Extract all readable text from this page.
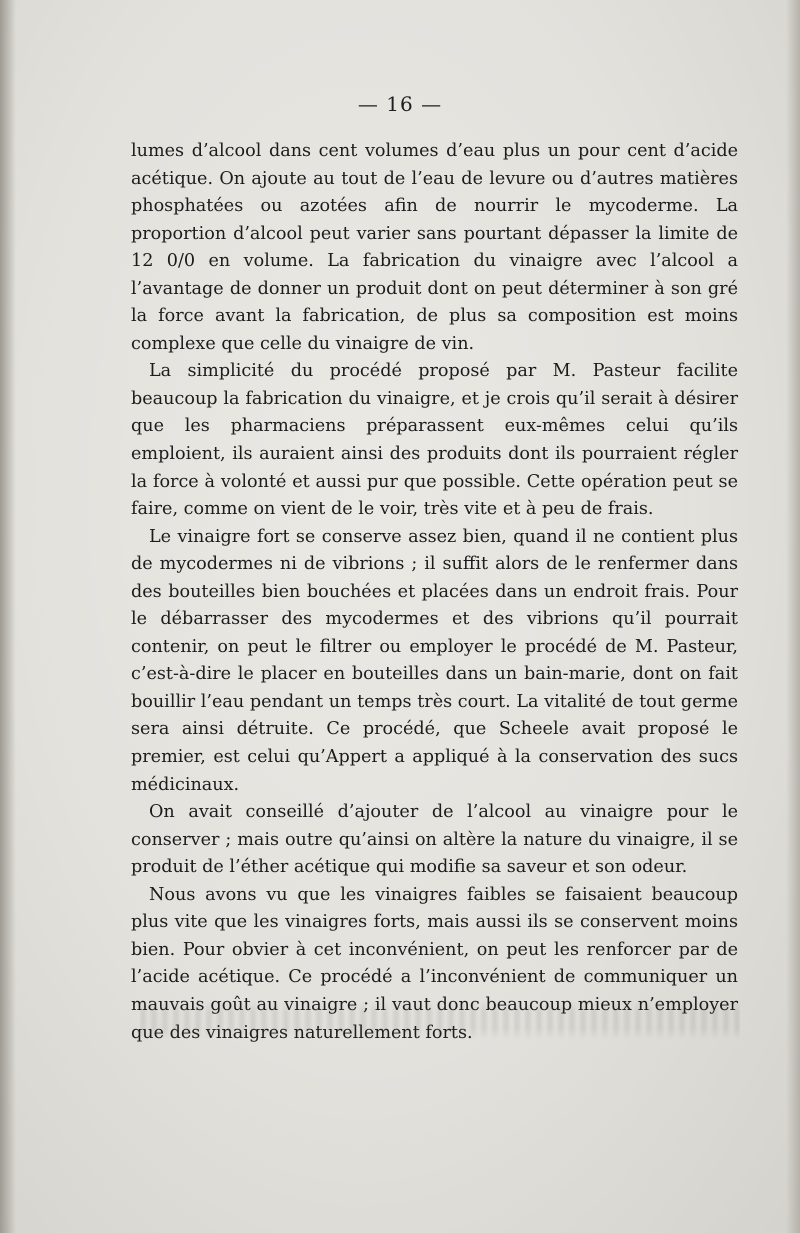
— 16 —

lumes d’alcool dans cent volumes d’eau plus un pour cent d’acide acétique. On ajoute au tout de l’eau de levure ou d’autres matières phosphatées ou azotées afin de nourrir le mycoderme. La proportion d’alcool peut varier sans pourtant dépasser la limite de 12 0/0 en volume. La fabrication du vinaigre avec l’alcool a l’avantage de donner un produit dont on peut déterminer à son gré la force avant la fabrication, de plus sa composition est moins complexe que celle du vinaigre de vin.

La simplicité du procédé proposé par M. Pasteur facilite beaucoup la fabrication du vinaigre, et je crois qu’il serait à désirer que les pharmaciens préparassent eux-mêmes celui qu’ils emploient, ils auraient ainsi des produits dont ils pourraient régler la force à volonté et aussi pur que possible. Cette opération peut se faire, comme on vient de le voir, très vite et à peu de frais.

Le vinaigre fort se conserve assez bien, quand il ne contient plus de mycodermes ni de vibrions ; il suffit alors de le renfermer dans des bouteilles bien bouchées et placées dans un endroit frais. Pour le débarrasser des mycodermes et des vibrions qu’il pourrait contenir, on peut le filtrer ou employer le procédé de M. Pasteur, c’est-à-dire le placer en bouteilles dans un bain-marie, dont on fait bouillir l’eau pendant un temps très court. La vitalité de tout germe sera ainsi détruite. Ce procédé, que Scheele avait proposé le premier, est celui qu’Appert a appliqué à la conservation des sucs médicinaux.

On avait conseillé d’ajouter de l’alcool au vinaigre pour le conserver ; mais outre qu’ainsi on altère la nature du vinaigre, il se produit de l’éther acétique qui modifie sa saveur et son odeur.

Nous avons vu que les vinaigres faibles se faisaient beaucoup plus vite que les vinaigres forts, mais aussi ils se conservent moins bien. Pour obvier à cet inconvénient, on peut les renforcer par de l’acide acétique. Ce procédé a l’inconvénient de communiquer un mauvais goût au vinaigre ; il vaut donc beaucoup mieux n’employer que des vinaigres naturellement forts.
